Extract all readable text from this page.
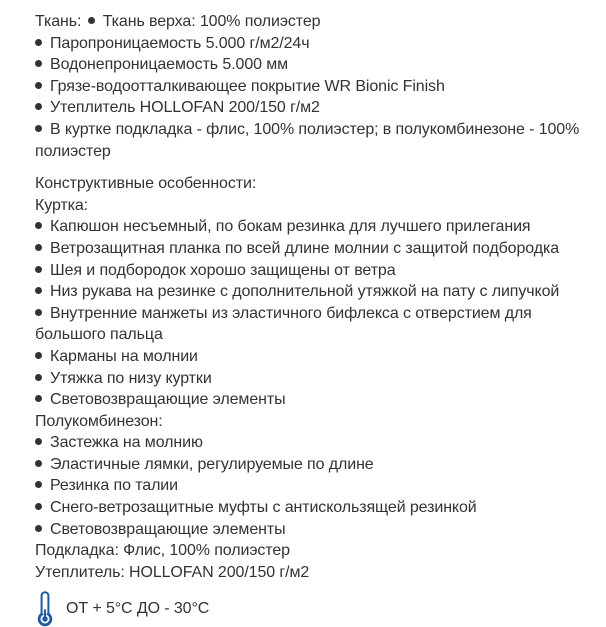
Ткань: Ткань верха: 100% полиэстер
Паропроницаемость 5.000 г/м2/24ч
Водонепроницаемость 5.000 мм
Грязе-водоотталкивающее покрытие WR Bionic Finish
Утеплитель HOLLOFAN 200/150 г/м2
В куртке подкладка - флис, 100% полиэстер; в полукомбинезоне - 100% полиэстер
Конструктивные особенности:
Куртка:
Капюшон несъемный, по бокам резинка для лучшего прилегания
Ветрозащитная планка по всей длине молнии с защитой подбородка
Шея и подбородок хорошо защищены от ветра
Низ рукава на резинке с дополнительной утяжкой на пату с липучкой
Внутренние манжеты из эластичного бифлекса с отверстием для большого пальца
Карманы на молнии
Утяжка по низу куртки
Световозвращающие элементы
Полукомбинезон:
Застежка на молнию
Эластичные лямки, регулируемые по длине
Резинка по талии
Снего-ветрозащитные муфты с антискользящей резинкой
Световозвращающие элементы
Подкладка: Флис, 100% полиэстер
Утеплитель: HOLLOFAN 200/150 г/м2
ОТ + 5°С ДО - 30°С
